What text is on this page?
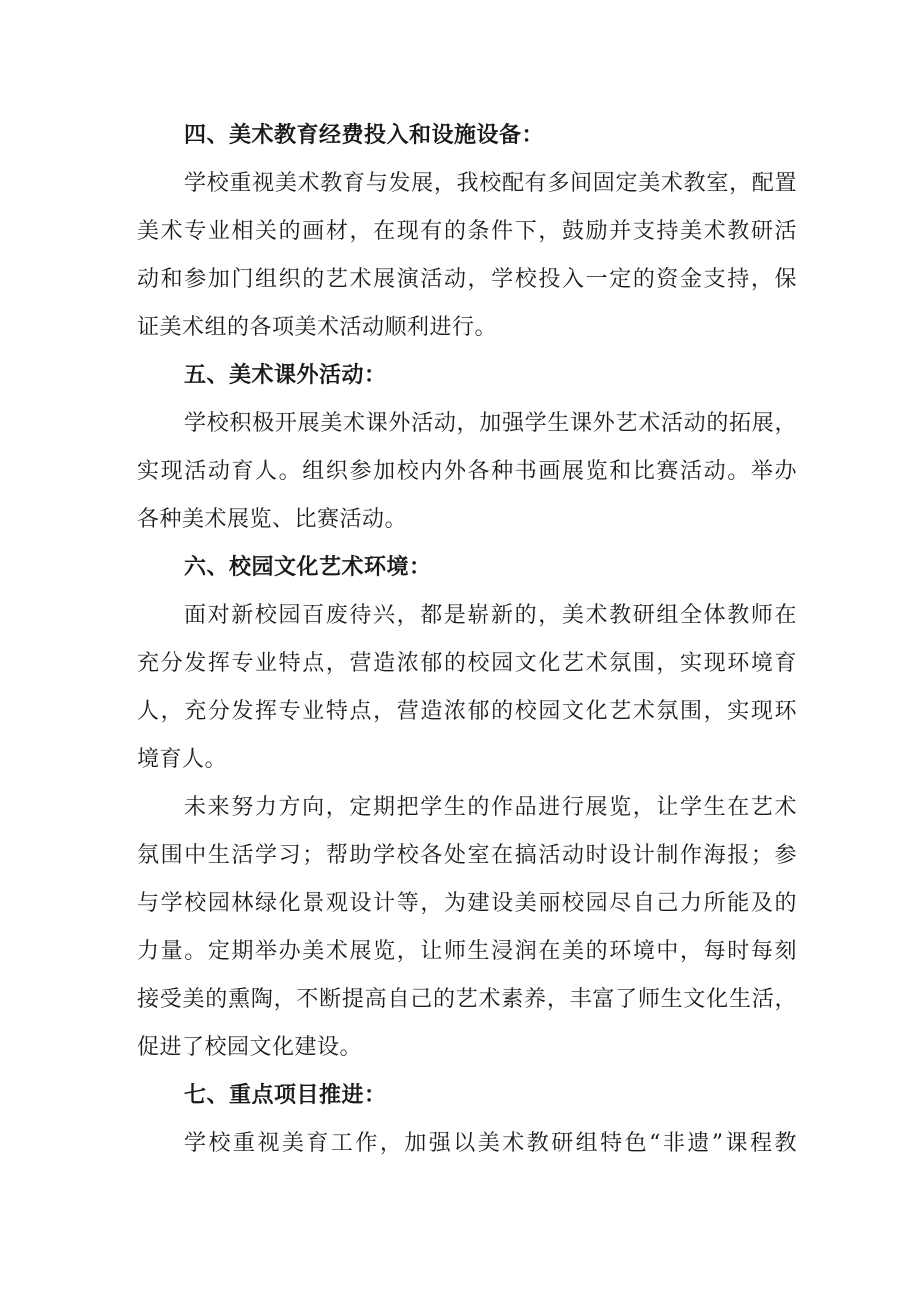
四、美术教育经费投入和设施设备：
学校重视美术教育与发展，我校配有多间固定美术教室，配置
美术专业相关的画材，在现有的条件下，鼓励并支持美术教研活
动和参加门组织的艺术展演活动，学校投入一定的资金支持，保
证美术组的各项美术活动顺利进行。
五、美术课外活动：
学校积极开展美术课外活动，加强学生课外艺术活动的拓展，
实现活动育人。组织参加校内外各种书画展览和比赛活动。举办
各种美术展览、比赛活动。
六、校园文化艺术环境：
面对新校园百废待兴，都是崭新的，美术教研组全体教师在
充分发挥专业特点，营造浓郁的校园文化艺术氛围，实现环境育
人，充分发挥专业特点，营造浓郁的校园文化艺术氛围，实现环
境育人。
未来努力方向，定期把学生的作品进行展览，让学生在艺术
氛围中生活学习；帮助学校各处室在搞活动时设计制作海报；参
与学校园林绿化景观设计等，为建设美丽校园尽自己力所能及的
力量。定期举办美术展览，让师生浸润在美的环境中，每时每刻
接受美的熏陶，不断提高自己的艺术素养，丰富了师生文化生活，
促进了校园文化建设。
七、重点项目推进：
学校重视美育工作，加强以美术教研组特色“非遗”课程教
